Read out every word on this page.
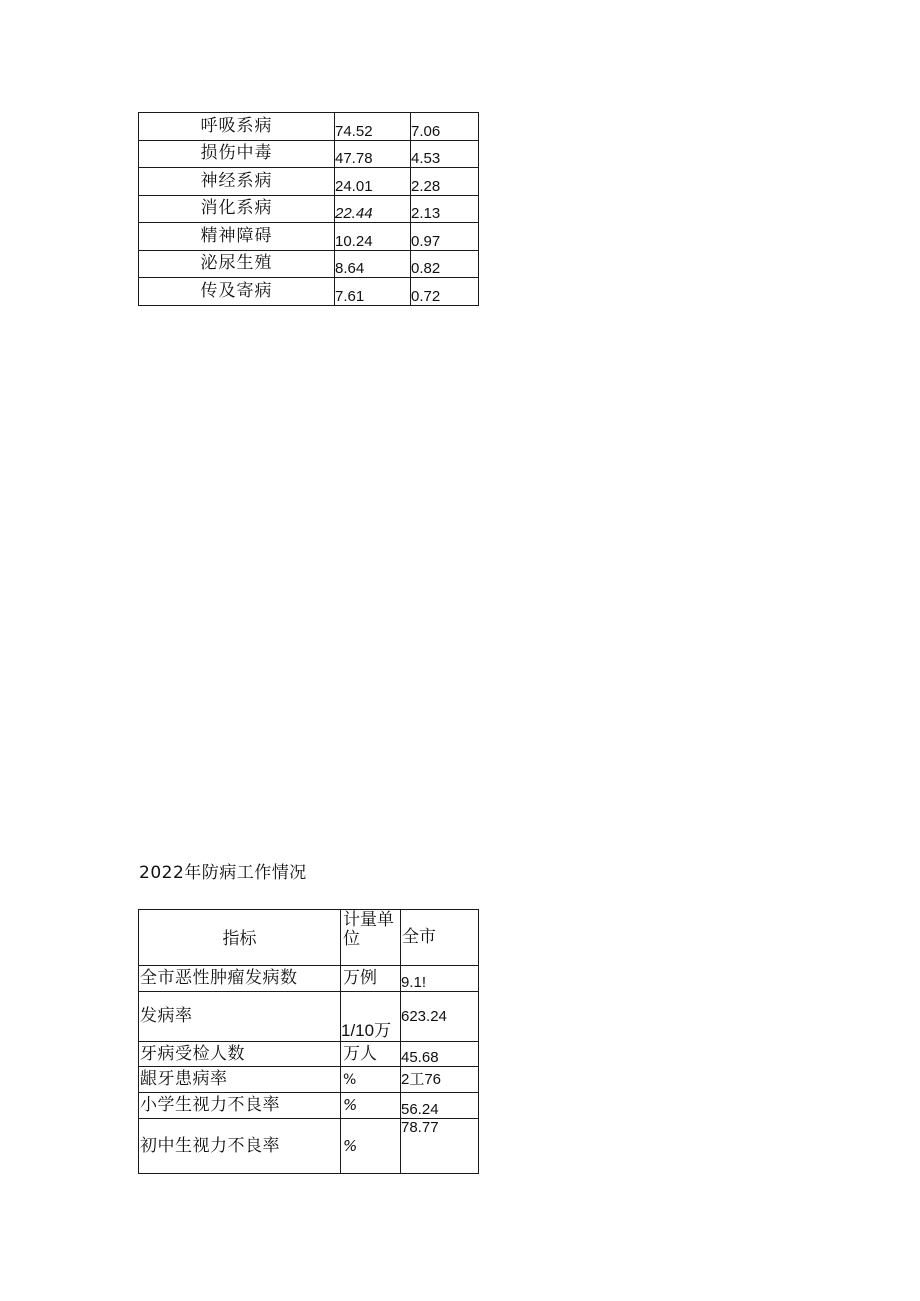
呼吸系病	74.52	7.06
损伤中毒	47.78	4.53
神经系病	24.01	2.28
消化系病	22.44	2.13
精神障碍	10.24	0.97
泌尿生殖	8.64	0.82
传及寄病	7.61	0.72
2022年防病工作情况
指标	计量单位	全市
全市恶性肿瘤发病数	万例	9.1!
发病率	1/10万	623.24
牙病受检人数	万人	45.68
龈牙患病率	%	2工76
小学生视力不良率	%	56.24
初中生视力不良率	%	78.77
